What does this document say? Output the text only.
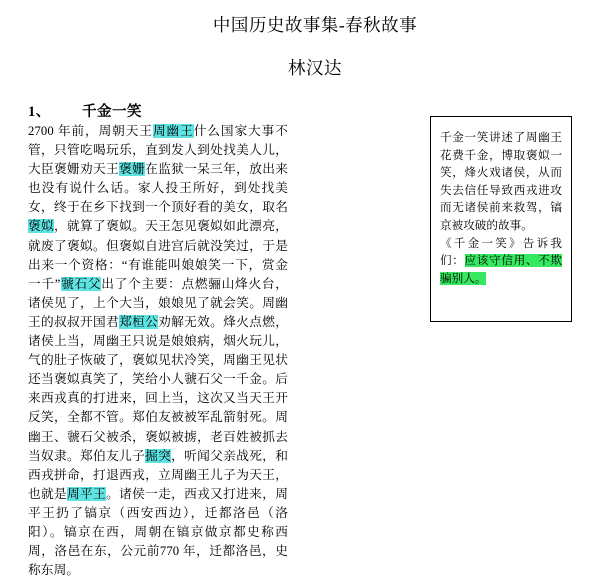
中国历史故事集-春秋故事
林汉达
1、 千金一笑

2700 年前，周朝天王周幽王什么国家大事不管，只管吃喝玩乐，直到发人到处找美人儿，大臣褒姗劝天王褒姗在监狱一呆三年，放出来也没有说什么话。家人投王所好，到处找美女，终于在乡下找到一个顶好看的美女，取名褒姒，就算了褒姒。天王怎见褒姒如此漂亮，就废了褒姒。但褒姒自进宫后就没笑过，于是出来一个资格：“有谁能叫娘娘笑一下，赏金一千”虢石父出了个主要：点燃骊山烽火台，诸侯见了，上个大当，娘娘见了就会笑。周幽王的叔叔开国君郑桓公劝解无效。烽火点燃，诸侯上当，周幽王只说是娘娘病，烟火玩儿，气的肚子恢破了，褒姒见状冷笑，周幽王见状还当褒姒真笑了，笑给小人虢石父一千金。后来西戎真的打进来，回上当，这次又当天王开反笑，全都不管。郑伯友被被军乱箭射死。周幽王、虢石父被杀，褒姒被掳，老百姓被抓去当奴隶。郑伯友儿子掘突，听闻父亲战死，和西戎拼命，打退西戎，立周幽王儿子为天王，也就是周平王。诸侯一走，西戎又打进来，周平王扔了镐京（西安西边），迁都洛邑（洛阳）。镐京在西，周朝在镐京做京都史称西周，洛邑在东，公元前770 年，迁都洛邑，史称东周。

千金一笑讲述了周幽王花费千金，博取褒姒一笑，烽火戏诸侯，从而失去信任导致西戎进攻而无诸侯前来救驾，镐京被攻破的故事。

《千金一笑》告诉我们：应该守信用、不欺骗别人。
